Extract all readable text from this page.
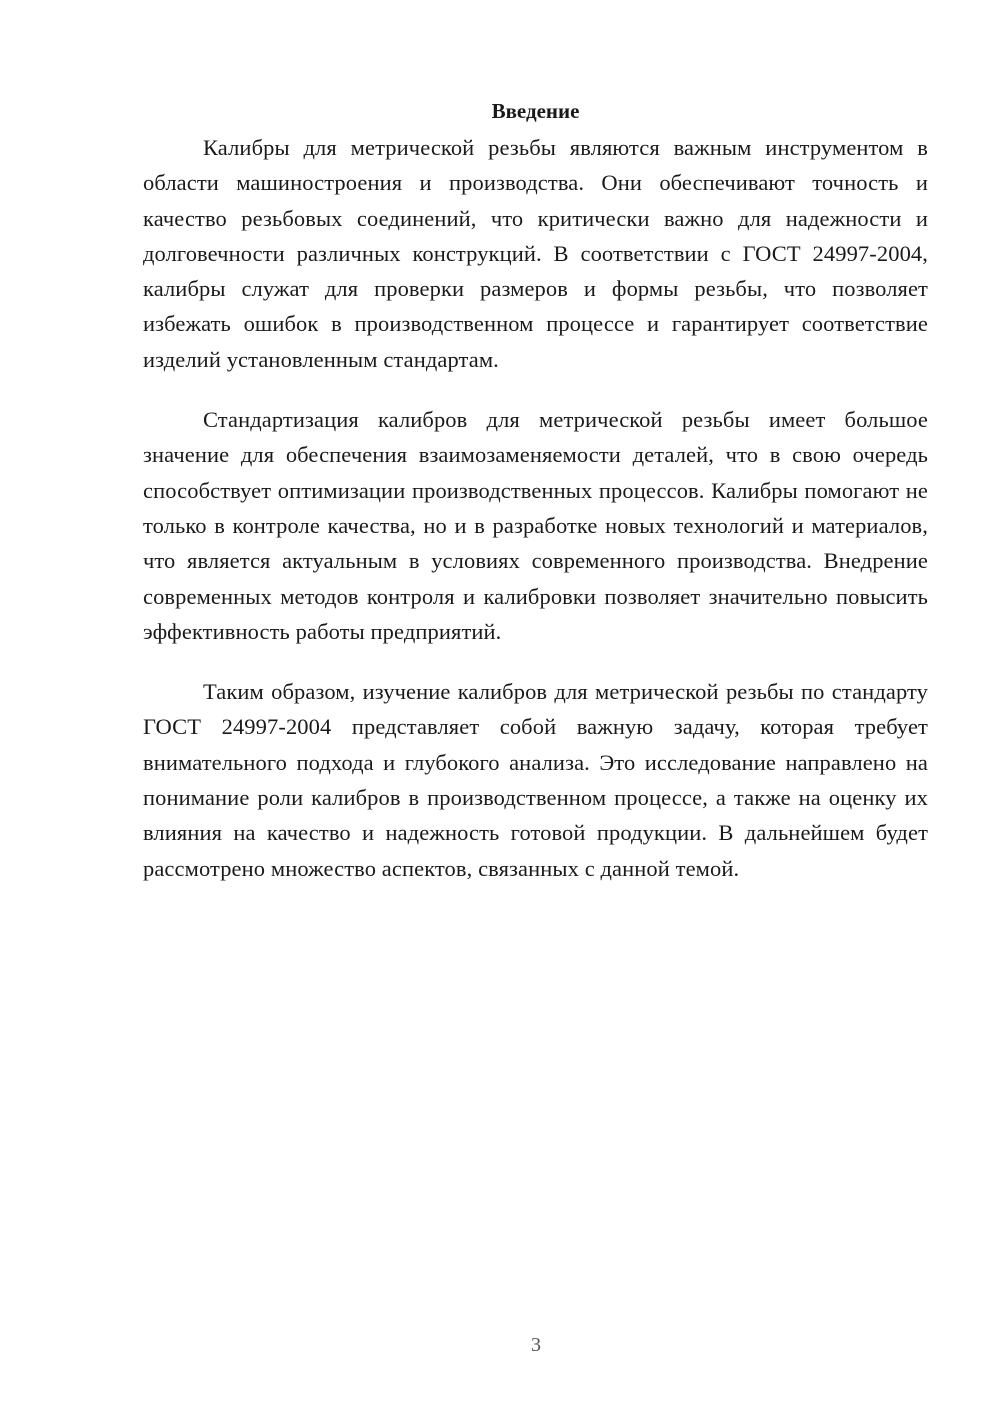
Введение

Калибры для метрической резьбы являются важным инструментом в области машиностроения и производства. Они обеспечивают точность и качество резьбовых соединений, что критически важно для надежности и долговечности различных конструкций. В соответствии с ГОСТ 24997-2004, калибры служат для проверки размеров и формы резьбы, что позволяет избежать ошибок в производственном процессе и гарантирует соответствие изделий установленным стандартам.

Стандартизация калибров для метрической резьбы имеет большое значение для обеспечения взаимозаменяемости деталей, что в свою очередь способствует оптимизации производственных процессов. Калибры помогают не только в контроле качества, но и в разработке новых технологий и материалов, что является актуальным в условиях современного производства. Внедрение современных методов контроля и калибровки позволяет значительно повысить эффективность работы предприятий.

Таким образом, изучение калибров для метрической резьбы по стандарту ГОСТ 24997-2004 представляет собой важную задачу, которая требует внимательного подхода и глубокого анализа. Это исследование направлено на понимание роли калибров в производственном процессе, а также на оценку их влияния на качество и надежность готовой продукции. В дальнейшем будет рассмотрено множество аспектов, связанных с данной темой.

3
